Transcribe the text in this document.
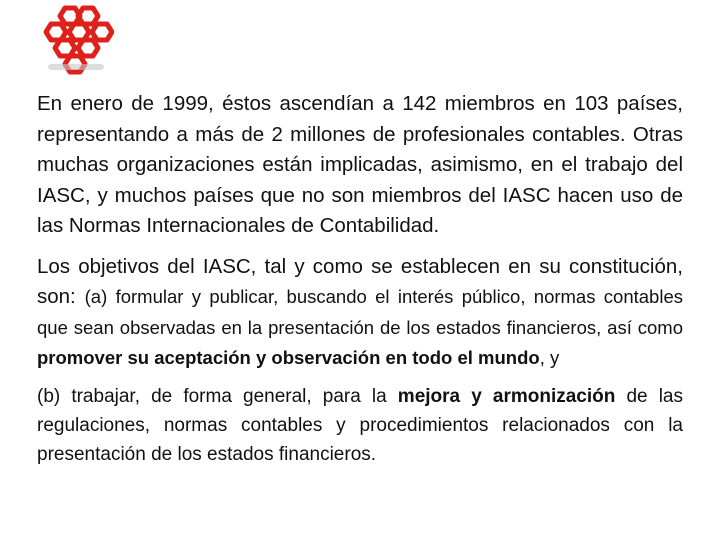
En enero de 1999, éstos ascendían a 142 miembros en 103 países, representando a más de 2 millones de profesionales contables. Otras muchas organizaciones están implicadas, asimismo, en el trabajo del IASC, y muchos países que no son miembros del IASC hacen uso de las Normas Internacionales de Contabilidad.

Los objetivos del IASC, tal y como se establecen en su constitución, son: (a) formular y publicar, buscando el interés público, normas contables que sean observadas en la presentación de los estados financieros, así como promover su aceptación y observación en todo el mundo, y

(b) trabajar, de forma general, para la mejora y armonización de las regulaciones, normas contables y procedimientos relacionados con la presentación de los estados financieros.
